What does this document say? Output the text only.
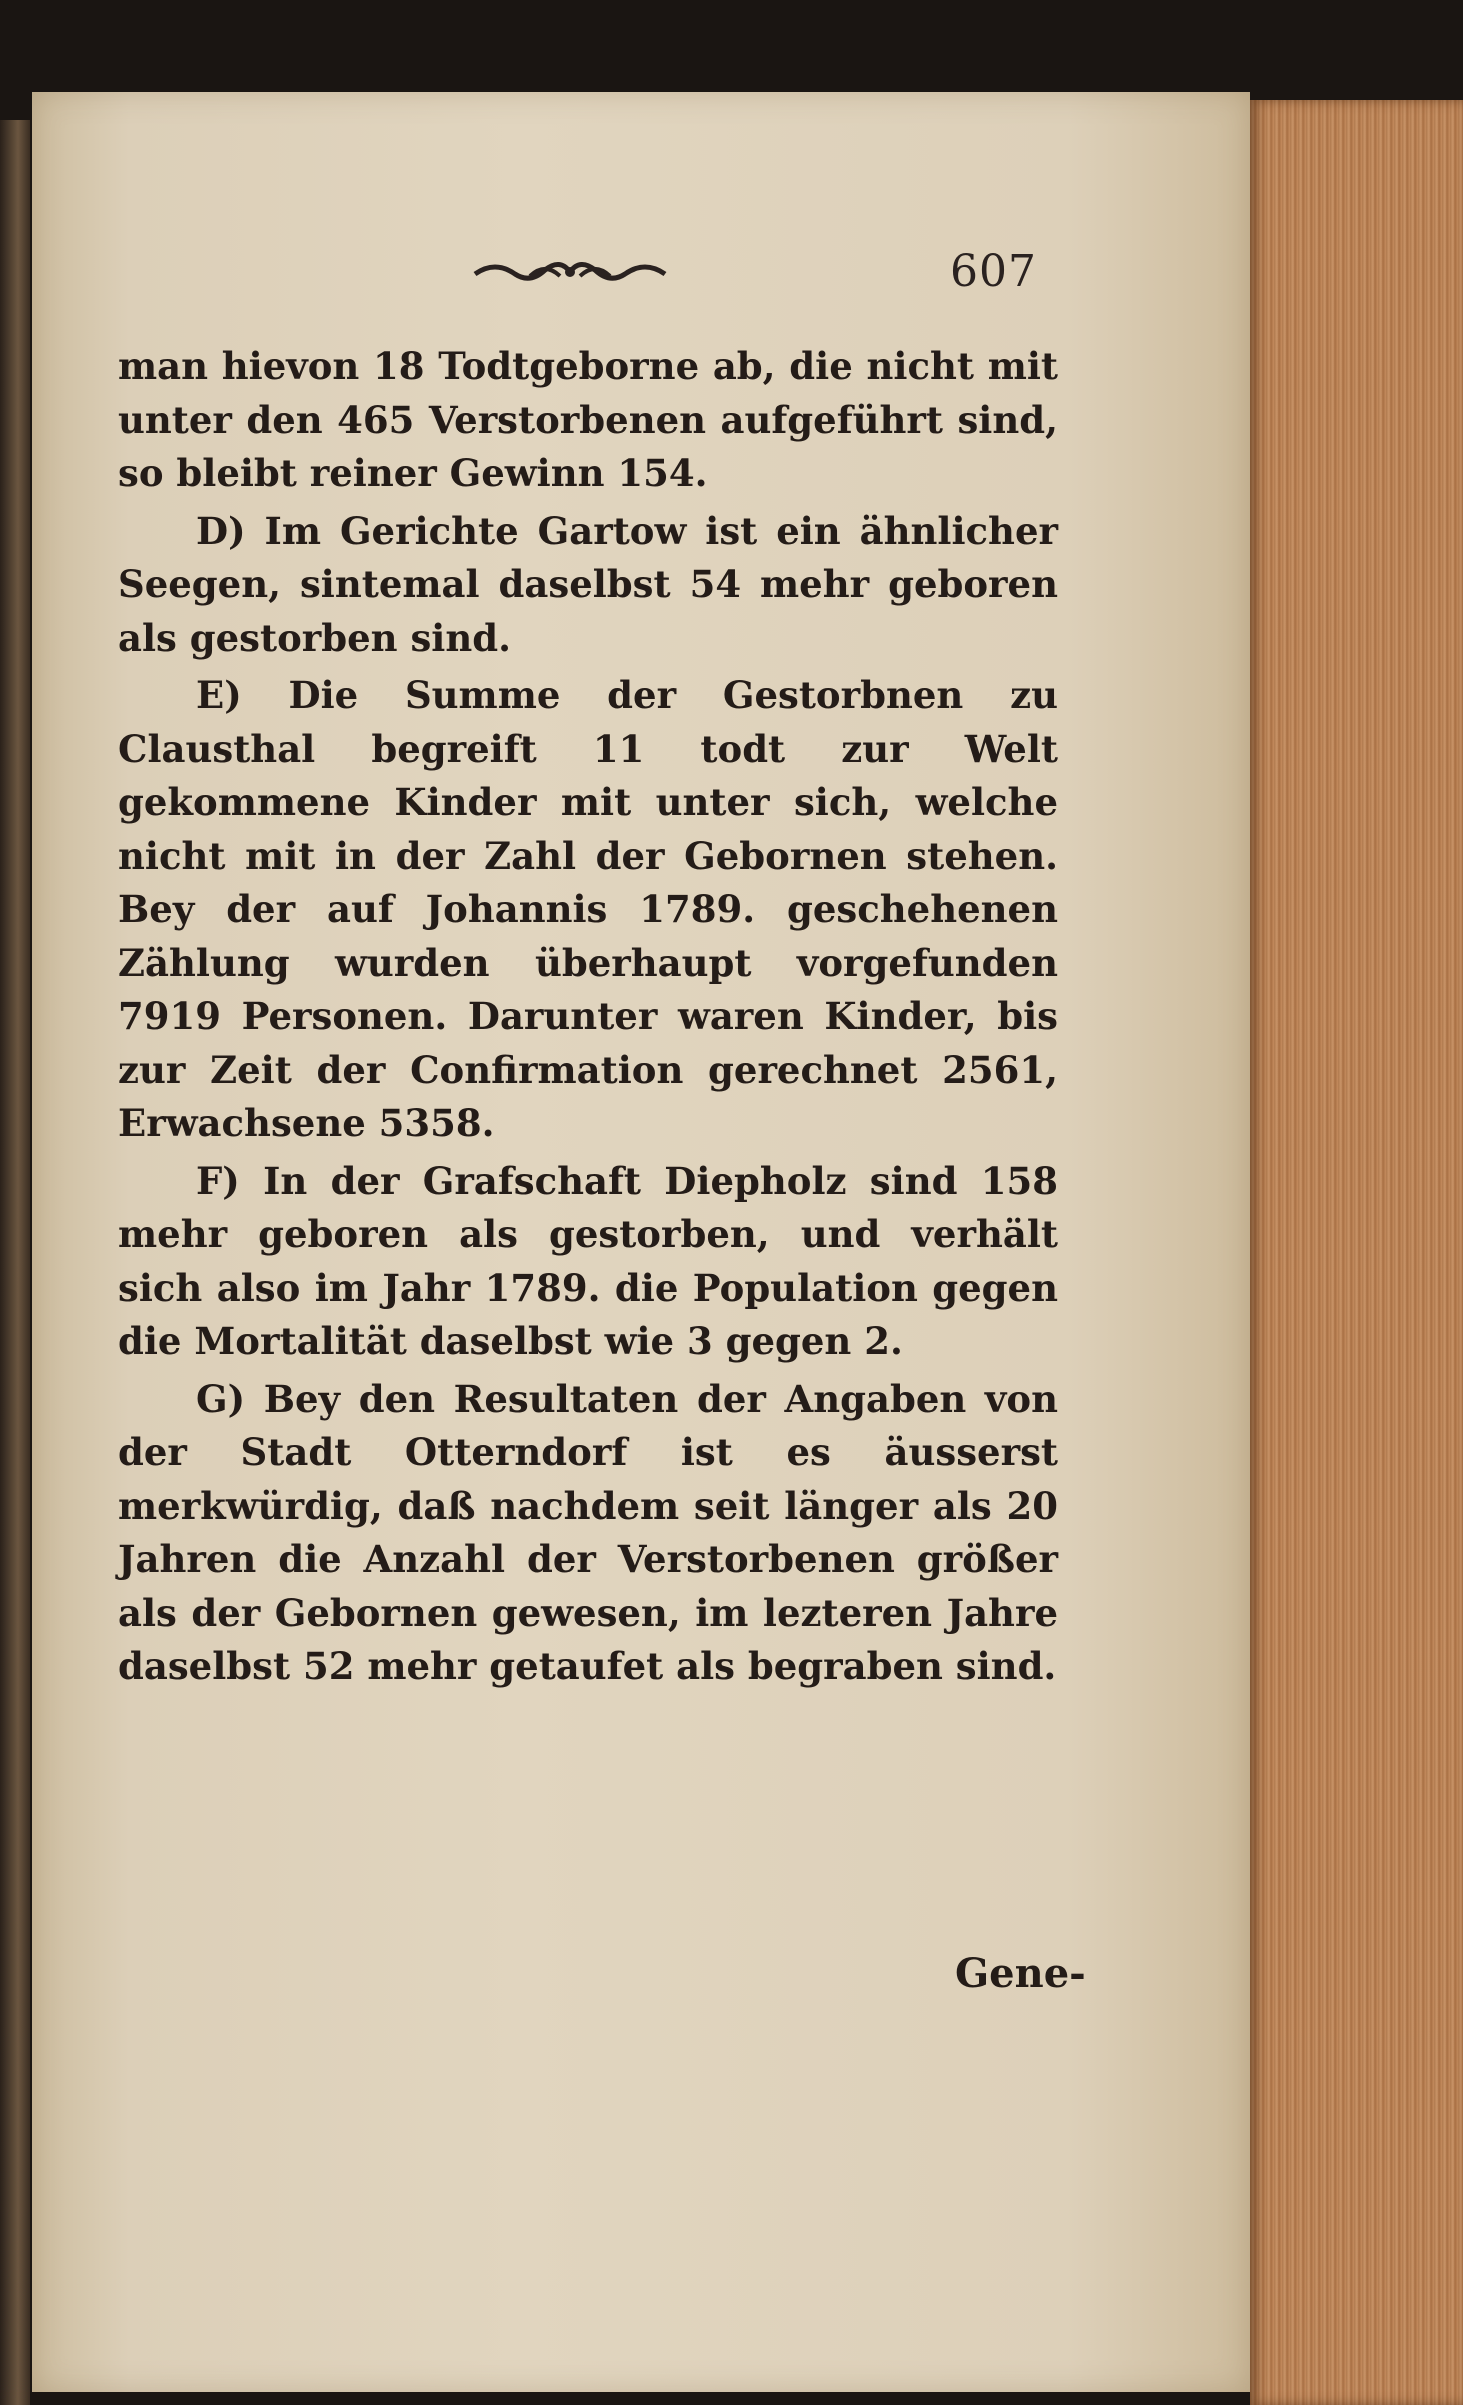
607

man hievon 18 Todtgeborne ab, die nicht mit unter den 465 Verstorbenen aufgeführt sind, so bleibt reiner Gewinn 154.

D) Im Gerichte Gartow ist ein ähnlicher Seegen, sintemal daselbst 54 mehr geboren als gestorben sind.

E) Die Summe der Gestorbnen zu Clausthal begreift 11 todt zur Welt gekommene Kinder mit unter sich, welche nicht mit in der Zahl der Gebornen stehen. Bey der auf Johannis 1789. geschehenen Zählung wurden überhaupt vorgefunden 7919 Personen. Darunter waren Kinder, bis zur Zeit der Confirmation gerechnet 2561, Erwachsene 5358.

F) In der Grafschaft Diepholz sind 158 mehr geboren als gestorben, und verhält sich also im Jahr 1789. die Population gegen die Mortalität daselbst wie 3 gegen 2.

G) Bey den Resultaten der Angaben von der Stadt Otterndorf ist es äusserst merkwürdig, daß nachdem seit länger als 20 Jahren die Anzahl der Verstorbenen größer als der Gebornen gewesen, im lezteren Jahre daselbst 52 mehr getaufet als begraben sind.

Gene-
